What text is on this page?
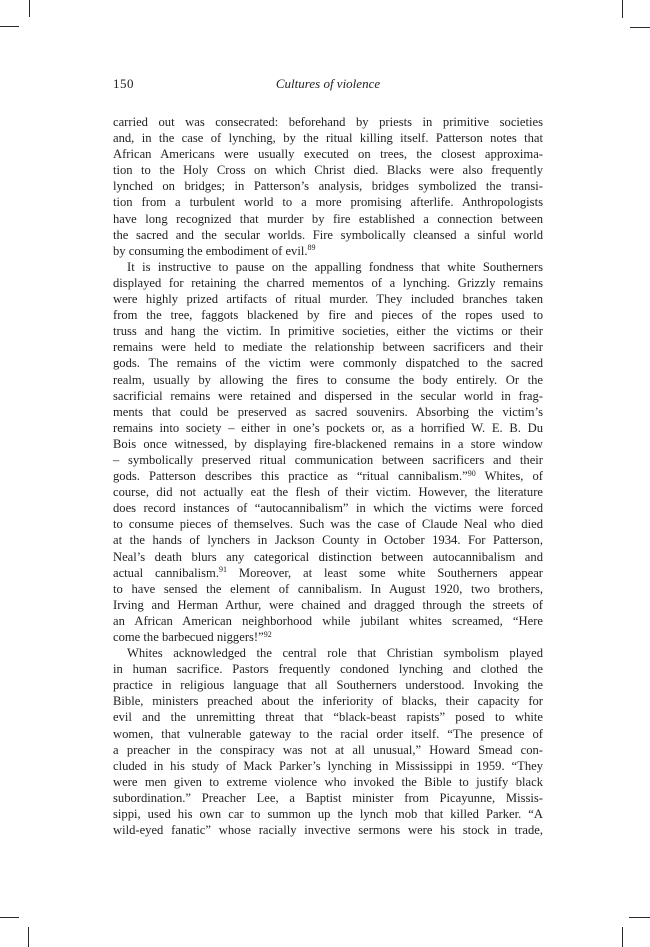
150	Cultures of violence
carried out was consecrated: beforehand by priests in primitive societies
and, in the case of lynching, by the ritual killing itself. Patterson notes that
African Americans were usually executed on trees, the closest approxima-
tion to the Holy Cross on which Christ died. Blacks were also frequently
lynched on bridges; in Patterson’s analysis, bridges symbolized the transi-
tion from a turbulent world to a more promising afterlife. Anthropologists
have long recognized that murder by fire established a connection between
the sacred and the secular worlds. Fire symbolically cleansed a sinful world
by consuming the embodiment of evil.$^{89}$
It is instructive to pause on the appalling fondness that white Southerners
displayed for retaining the charred mementos of a lynching. Grizzly remains
were highly prized artifacts of ritual murder. They included branches taken
from the tree, faggots blackened by fire and pieces of the ropes used to
truss and hang the victim. In primitive societies, either the victims or their
remains were held to mediate the relationship between sacrificers and their
gods. The remains of the victim were commonly dispatched to the sacred
realm, usually by allowing the fires to consume the body entirely. Or the
sacrificial remains were retained and dispersed in the secular world in frag-
ments that could be preserved as sacred souvenirs. Absorbing the victim’s
remains into society – either in one’s pockets or, as a horrified W. E. B. Du
Bois once witnessed, by displaying fire-blackened remains in a store window
– symbolically preserved ritual communication between sacrificers and their
gods. Patterson describes this practice as “ritual cannibalism.”$^{90}$ Whites, of
course, did not actually eat the flesh of their victim. However, the literature
does record instances of “autocannibalism” in which the victims were forced
to consume pieces of themselves. Such was the case of Claude Neal who died
at the hands of lynchers in Jackson County in October 1934. For Patterson,
Neal’s death blurs any categorical distinction between autocannibalism and
actual cannibalism.$^{91}$ Moreover, at least some white Southerners appear
to have sensed the element of cannibalism. In August 1920, two brothers,
Irving and Herman Arthur, were chained and dragged through the streets of
an African American neighborhood while jubilant whites screamed, “Here
come the barbecued niggers!”$^{92}$
Whites acknowledged the central role that Christian symbolism played
in human sacrifice. Pastors frequently condoned lynching and clothed the
practice in religious language that all Southerners understood. Invoking the
Bible, ministers preached about the inferiority of blacks, their capacity for
evil and the unremitting threat that “black-beast rapists” posed to white
women, that vulnerable gateway to the racial order itself. “The presence of
a preacher in the conspiracy was not at all unusual,” Howard Smead con-
cluded in his study of Mack Parker’s lynching in Mississippi in 1959. “They
were men given to extreme violence who invoked the Bible to justify black
subordination.” Preacher Lee, a Baptist minister from Picayunne, Missis-
sippi, used his own car to summon up the lynch mob that killed Parker. “A
wild-eyed fanatic” whose racially invective sermons were his stock in trade,
